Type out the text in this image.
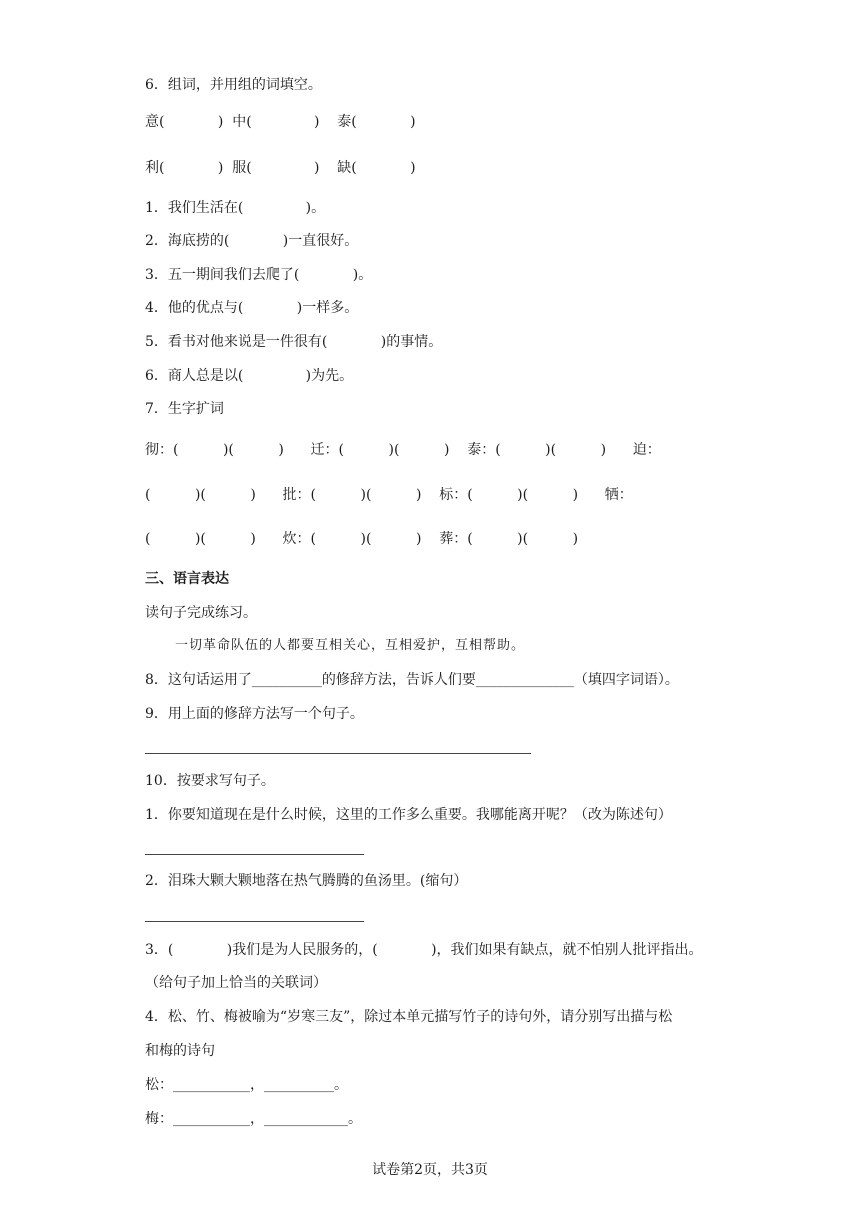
6．组词，并用组的词填空。
意(            )  中(              )    泰(            )
利(            )  服(              )    缺(            )
1．我们生活在(              )。
2．海底捞的(            )一直很好。
3．五一期间我们去爬了(            )。
4．他的优点与(            )一样多。
5．看书对他来说是一件很有(            )的事情。
6．商人总是以(              )为先。
7．生字扩词
彻：(          )(          )      迁：(          )(          )    泰：(          )(          )      迫：
(          )(          )      批：(          )(          )    标：(          )(          )      牺：
(          )(          )      炊：(          )(          )    葬：(          )(          )
三、语言表达
读句子完成练习。
一切革命队伍的人都要互相关心，互相爱护，互相帮助。
8．这句话运用了__________的修辞方法，告诉人们要______________（填四字词语）。
9．用上面的修辞方法写一个句子。
10．按要求写句子。
1．你要知道现在是什么时候，这里的工作多么重要。我哪能离开呢？（改为陈述句）
2．泪珠大颗大颗地落在热气腾腾的鱼汤里。(缩句）
3．(            )我们是为人民服务的，(            )，我们如果有缺点，就不怕别人批评指出。
（给句子加上恰当的关联词）
4．松、竹、梅被喻为“岁寒三友”，除过本单元描写竹子的诗句外，请分别写出描与松
和梅的诗句
松：___________，__________。
梅：___________，____________。
试卷第2页，共3页
